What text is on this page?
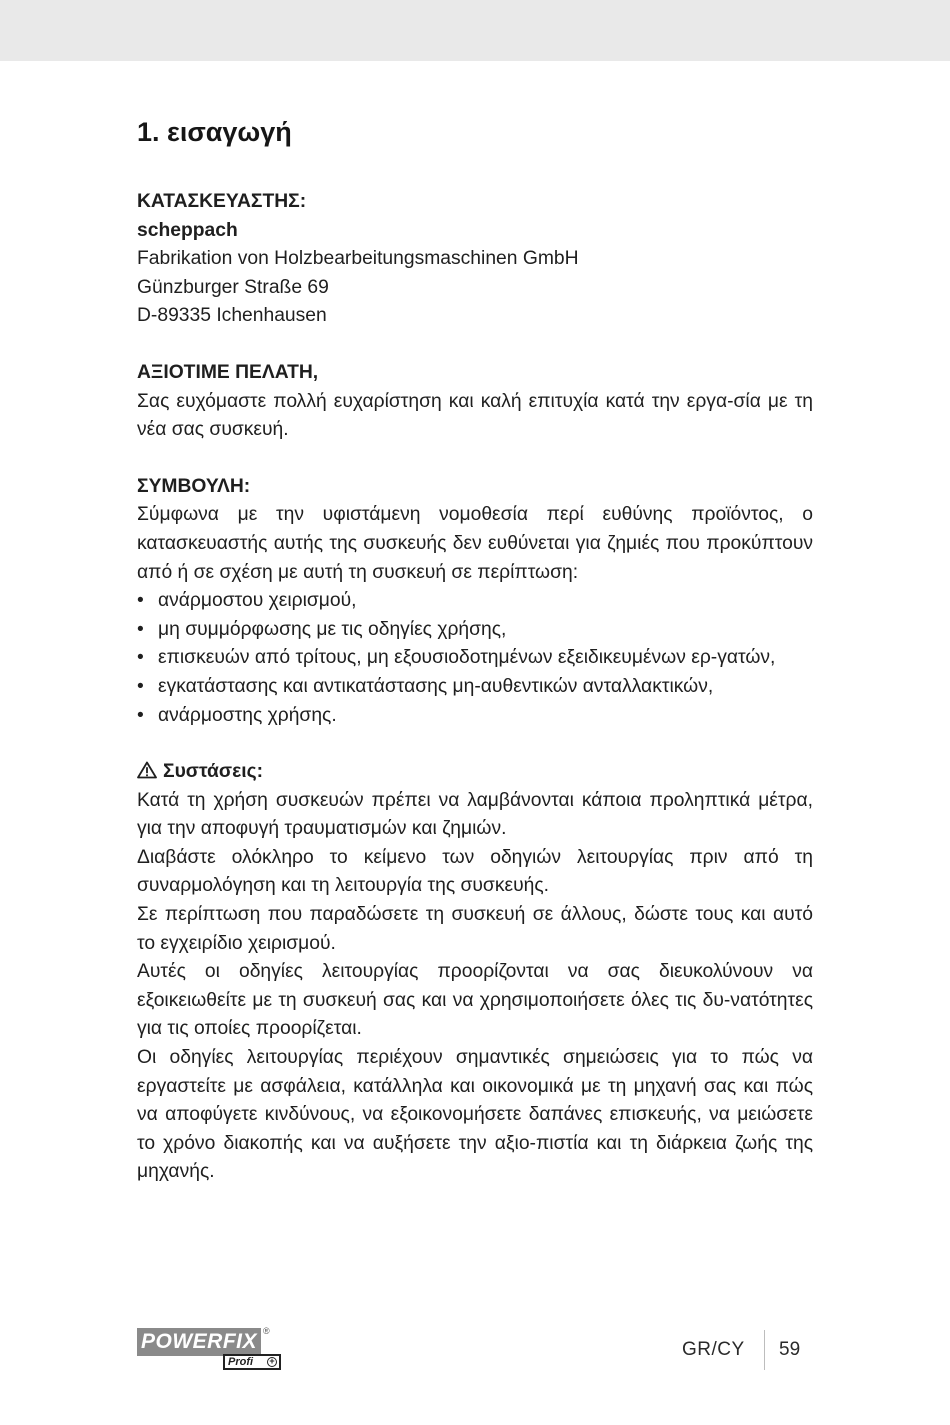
1. εισαγωγή
ΚΑΤΑΣΚΕΥΑΣΤΗΣ:
scheppach
Fabrikation von Holzbearbeitungsmaschinen GmbH
Günzburger Straße 69
D-89335 Ichenhausen
ΑΞΙΟΤΙΜΕ ΠΕΛΑΤΗ,
Σας ευχόμαστε πολλή ευχαρίστηση και καλή επιτυχία κατά την εργα-σία με τη νέα σας συσκευή.
ΣΥΜΒΟΥΛΗ:
Σύμφωνα με την υφιστάμενη νομοθεσία περί ευθύνης προϊόντος, ο κατασκευαστής αυτής της συσκευής δεν ευθύνεται για ζημιές που προκύπτουν από ή σε σχέση με αυτή τη συσκευή σε περίπτωση:
• ανάρμοστου χειρισμού,
• μη συμμόρφωσης με τις οδηγίες χρήσης,
• επισκευών από τρίτους, μη εξουσιοδοτημένων εξειδικευμένων ερ-γατών,
• εγκατάστασης και αντικατάστασης μη-αυθεντικών ανταλλακτικών,
• ανάρμοστης χρήσης.
Συστάσεις:
Κατά τη χρήση συσκευών πρέπει να λαμβάνονται κάποια προληπτικά μέτρα, για την αποφυγή τραυματισμών και ζημιών.
Διαβάστε ολόκληρο το κείμενο των οδηγιών λειτουργίας πριν από τη συναρμολόγηση και τη λειτουργία της συσκευής.
Σε περίπτωση που παραδώσετε τη συσκευή σε άλλους, δώστε τους και αυτό το εγχειρίδιο χειρισμού.
Αυτές οι οδηγίες λειτουργίας προορίζονται να σας διευκολύνουν να εξοικειωθείτε με τη συσκευή σας και να χρησιμοποιήσετε όλες τις δυ-νατότητες για τις οποίες προορίζεται.
Οι οδηγίες λειτουργίας περιέχουν σημαντικές σημειώσεις για το πώς να εργαστείτε με ασφάλεια, κατάλληλα και οικονομικά με τη μηχανή σας και πώς να αποφύγετε κινδύνους, να εξοικονομήσετε δαπάνες επισκευής, να μειώσετε το χρόνο διακοπής και να αυξήσετε την αξιο-πιστία και τη διάρκεια ζωής της μηχανής.
POWERFIX ®
Profi +
GR/CY 59
